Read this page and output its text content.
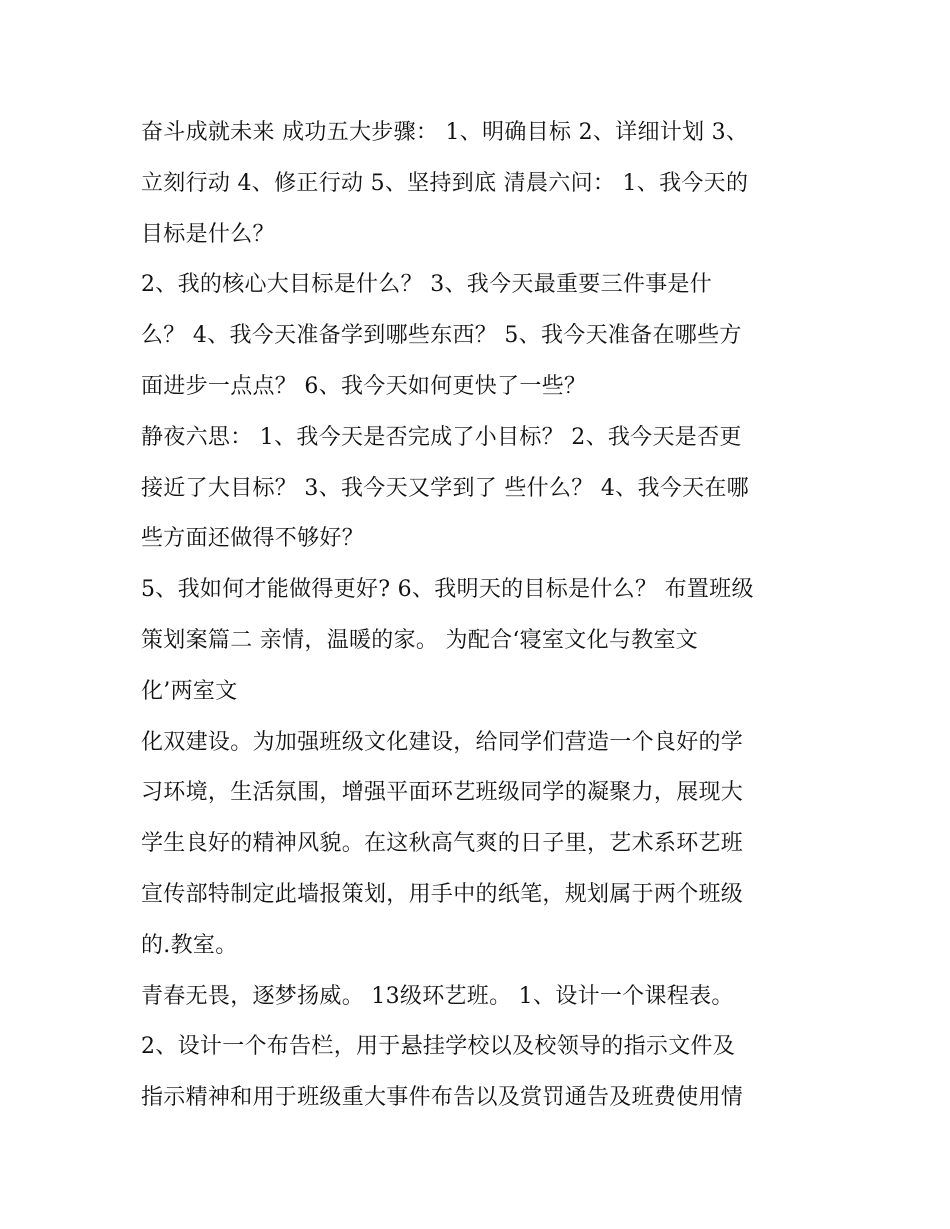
奋斗成就未来 成功五大步骤： 1、明确目标 2、详细计划 3、
立刻行动 4、修正行动 5、坚持到底 清晨六问： 1、我今天的
目标是什么？
2、我的核心大目标是什么？ 3、我今天最重要三件事是什
么？ 4、我今天准备学到哪些东西？ 5、我今天准备在哪些方
面进步一点点？ 6、我今天如何更快了一些？
静夜六思： 1、我今天是否完成了小目标？ 2、我今天是否更
接近了大目标？ 3、我今天又学到了 些什么？ 4、我今天在哪
些方面还做得不够好？
5、我如何才能做得更好? 6、我明天的目标是什么？ 布置班级
策划案篇二 亲情，温暖的家。 为配合‘寝室文化与教室文
化’两室文
化双建设。为加强班级文化建设，给同学们营造一个良好的学
习环境，生活氛围，增强平面环艺班级同学的凝聚力，展现大
学生良好的精神风貌。在这秋高气爽的日子里，艺术系环艺班
宣传部特制定此墙报策划，用手中的纸笔，规划属于两个班级
的.教室。
青春无畏，逐梦扬威。 13级环艺班。 1、设计一个课程表。
2、设计一个布告栏，用于悬挂学校以及校领导的指示文件及
指示精神和用于班级重大事件布告以及赏罚通告及班费使用情
